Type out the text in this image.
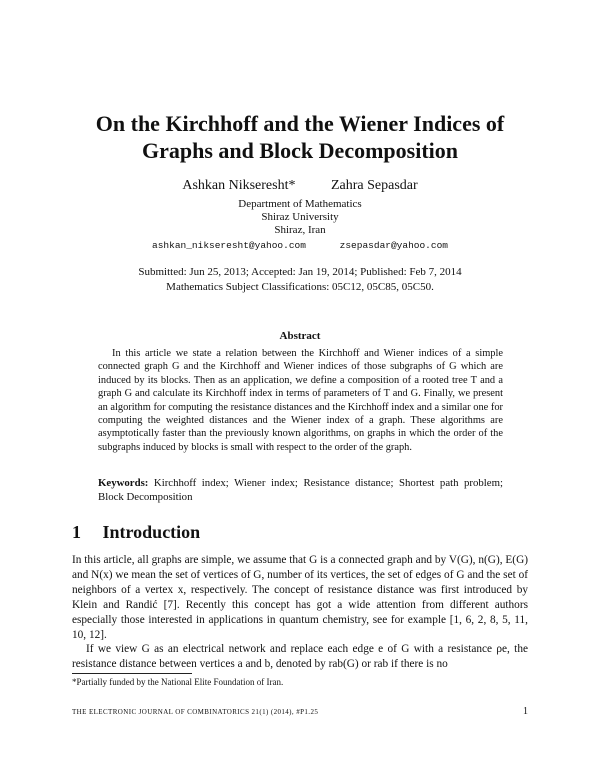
On the Kirchhoff and the Wiener Indices of
Graphs and Block Decomposition
Ashkan Nikseresht*	Zahra Sepasdar
Department of Mathematics
Shiraz University
Shiraz, Iran
ashkan_nikseresht@yahoo.com	zsepasdar@yahoo.com
Submitted: Jun 25, 2013; Accepted: Jan 19, 2014; Published: Feb 7, 2014
Mathematics Subject Classifications: 05C12, 05C85, 05C50.
Abstract
In this article we state a relation between the Kirchhoff and Wiener indices of a simple connected graph G and the Kirchhoff and Wiener indices of those subgraphs of G which are induced by its blocks. Then as an application, we define a composition of a rooted tree T and a graph G and calculate its Kirchhoff index in terms of parameters of T and G. Finally, we present an algorithm for computing the resistance distances and the Kirchhoff index and a similar one for computing the weighted distances and the Wiener index of a graph. These algorithms are asymptotically faster than the previously known algorithms, on graphs in which the order of the subgraphs induced by blocks is small with respect to the order of the graph.
Keywords: Kirchhoff index; Wiener index; Resistance distance; Shortest path problem; Block Decomposition
1 Introduction
In this article, all graphs are simple, we assume that G is a connected graph and by V(G), n(G), E(G) and N(x) we mean the set of vertices of G, number of its vertices, the set of edges of G and the set of neighbors of a vertex x, respectively. The concept of resistance distance was first introduced by Klein and Randić [7]. Recently this concept has got a wide attention from different authors especially those interested in applications in quantum chemistry, see for example [1, 6, 2, 8, 5, 11, 10, 12].
If we view G as an electrical network and replace each edge e of G with a resistance ρe, the resistance distance between vertices a and b, denoted by rab(G) or rab if there is no
*Partially funded by the National Elite Foundation of Iran.
THE ELECTRONIC JOURNAL OF COMBINATORICS 21(1) (2014), #P1.25	1
